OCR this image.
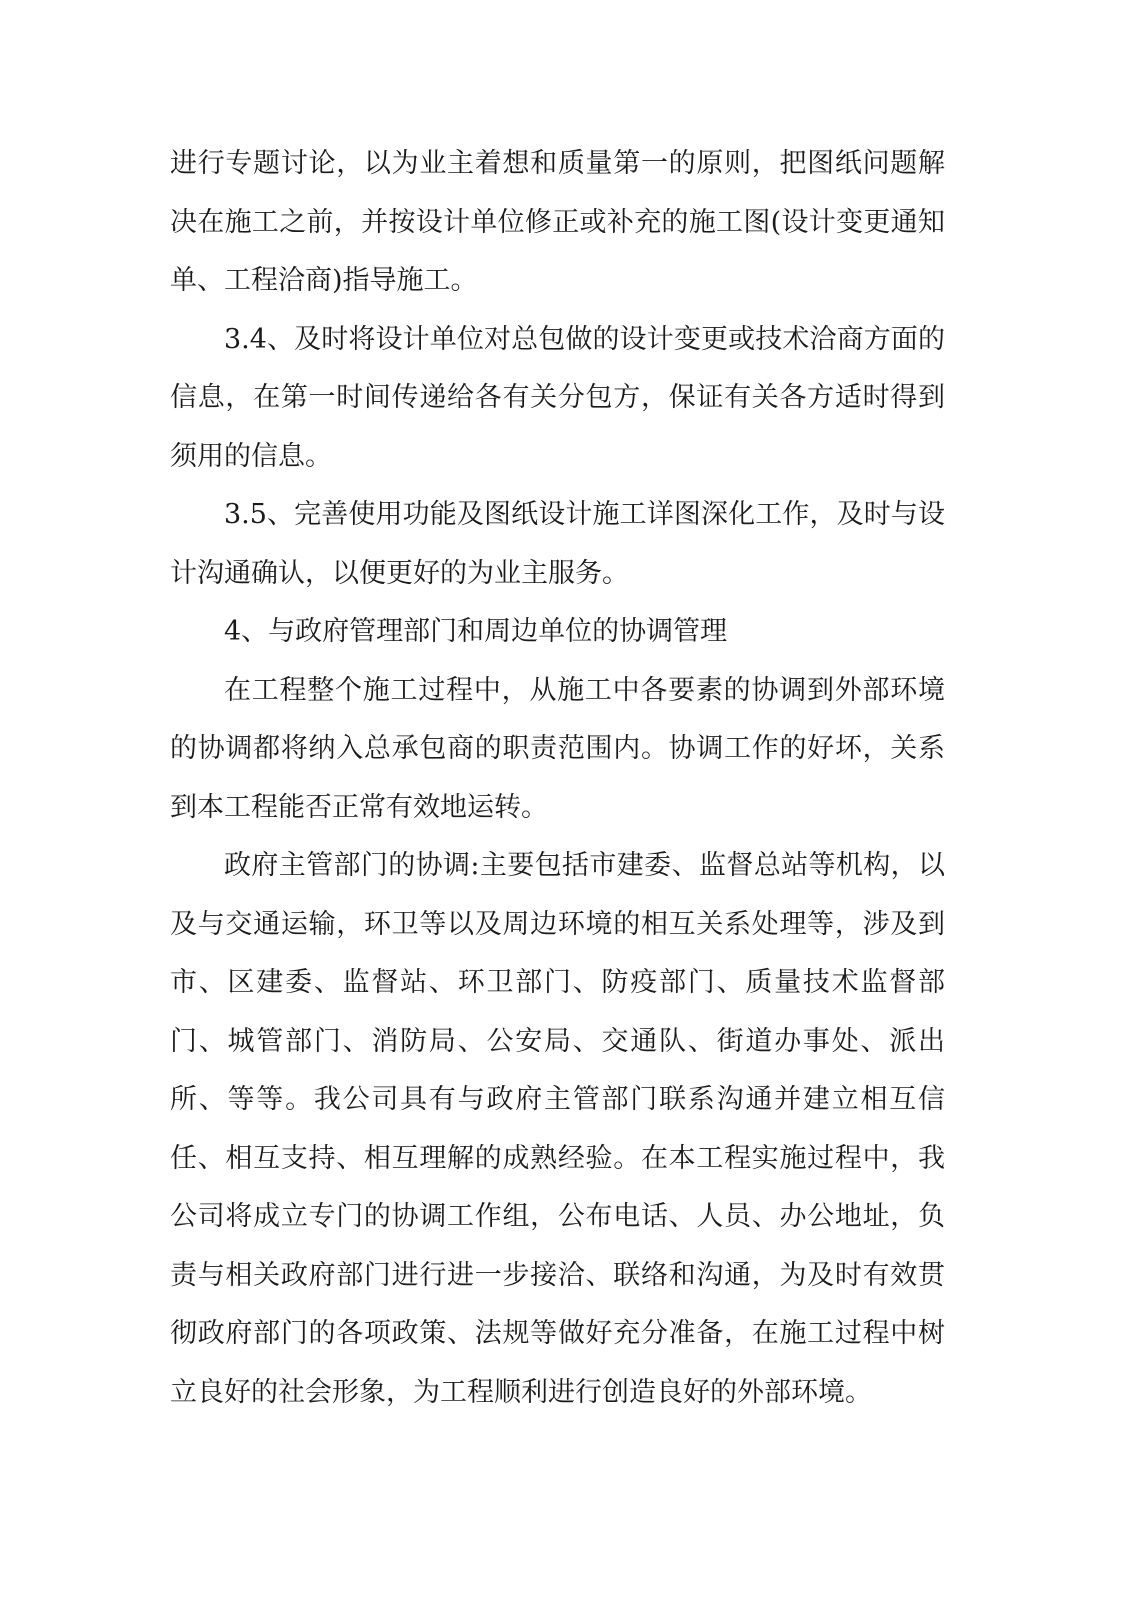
进行专题讨论，以为业主着想和质量第一的原则，把图纸问题解决在施工之前，并按设计单位修正或补充的施工图(设计变更通知单、工程洽商)指导施工。

3.4、及时将设计单位对总包做的设计变更或技术洽商方面的信息，在第一时间传递给各有关分包方，保证有关各方适时得到须用的信息。

3.5、完善使用功能及图纸设计施工详图深化工作，及时与设计沟通确认，以便更好的为业主服务。

4、与政府管理部门和周边单位的协调管理

在工程整个施工过程中，从施工中各要素的协调到外部环境的协调都将纳入总承包商的职责范围内。协调工作的好坏，关系到本工程能否正常有效地运转。

政府主管部门的协调:主要包括市建委、监督总站等机构，以及与交通运输，环卫等以及周边环境的相互关系处理等，涉及到市、区建委、监督站、环卫部门、防疫部门、质量技术监督部门、城管部门、消防局、公安局、交通队、街道办事处、派出所、等等。我公司具有与政府主管部门联系沟通并建立相互信任、相互支持、相互理解的成熟经验。在本工程实施过程中，我公司将成立专门的协调工作组，公布电话、人员、办公地址，负责与相关政府部门进行进一步接洽、联络和沟通，为及时有效贯彻政府部门的各项政策、法规等做好充分准备，在施工过程中树立良好的社会形象，为工程顺利进行创造良好的外部环境。
